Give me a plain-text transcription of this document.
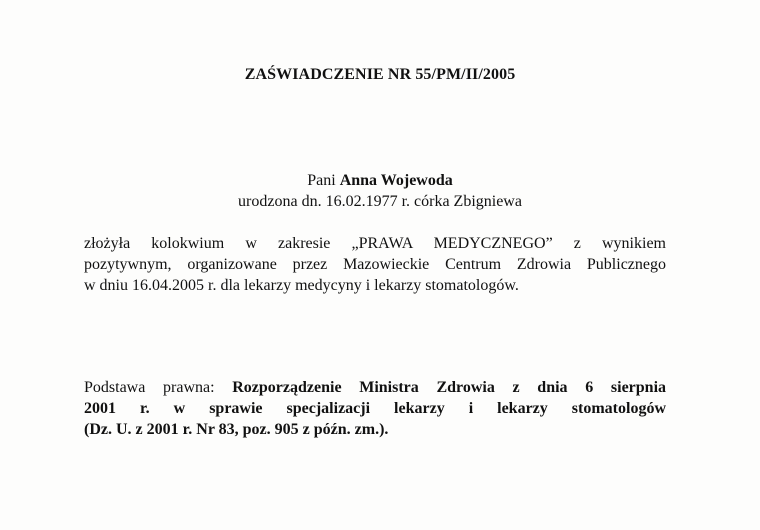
ZAŚWIADCZENIE NR 55/PM/II/2005
Pani Anna Wojewoda
urodzona dn. 16.02.1977 r. córka Zbigniewa
złożyła kolokwium w zakresie „PRAWA MEDYCZNEGO” z wynikiem
pozytywnym, organizowane przez Mazowieckie Centrum Zdrowia Publicznego
w dniu 16.04.2005 r. dla lekarzy medycyny i lekarzy stomatologów.
Podstawa prawna: Rozporządzenie Ministra Zdrowia z dnia 6 sierpnia
2001 r. w sprawie specjalizacji lekarzy i lekarzy stomatologów
(Dz. U. z 2001 r. Nr 83, poz. 905 z późn. zm.).
